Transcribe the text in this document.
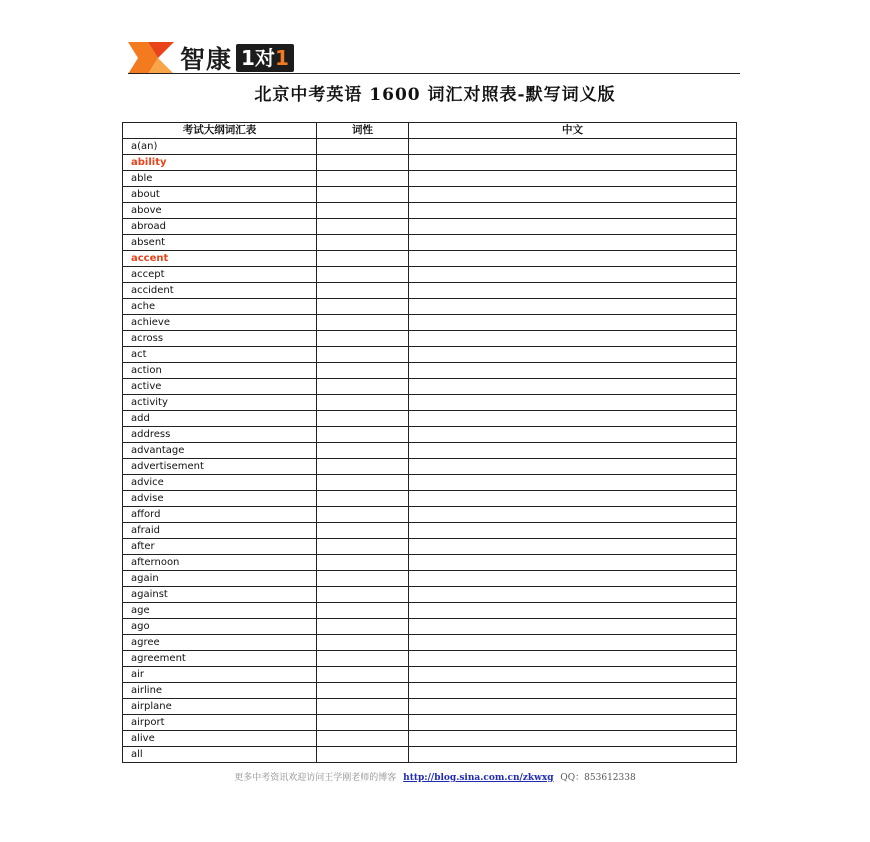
智康 1对1
北京中考英语 1600 词汇对照表-默写词义版
考试大纲词汇表	词性	中文
a(an)		
ability		
able		
about		
above		
abroad		
absent		
accent		
accept		
accident		
ache		
achieve		
across		
act		
action		
active		
activity		
add		
address		
advantage		
advertisement		
advice		
advise		
afford		
afraid		
after		
afternoon		
again		
against		
age		
ago		
agree		
agreement		
air		
airline		
airplane		
airport		
alive		
all		
更多中考资讯欢迎访问王学刚老师的博客 http://blog.sina.com.cn/zkwxg QQ：853612338
